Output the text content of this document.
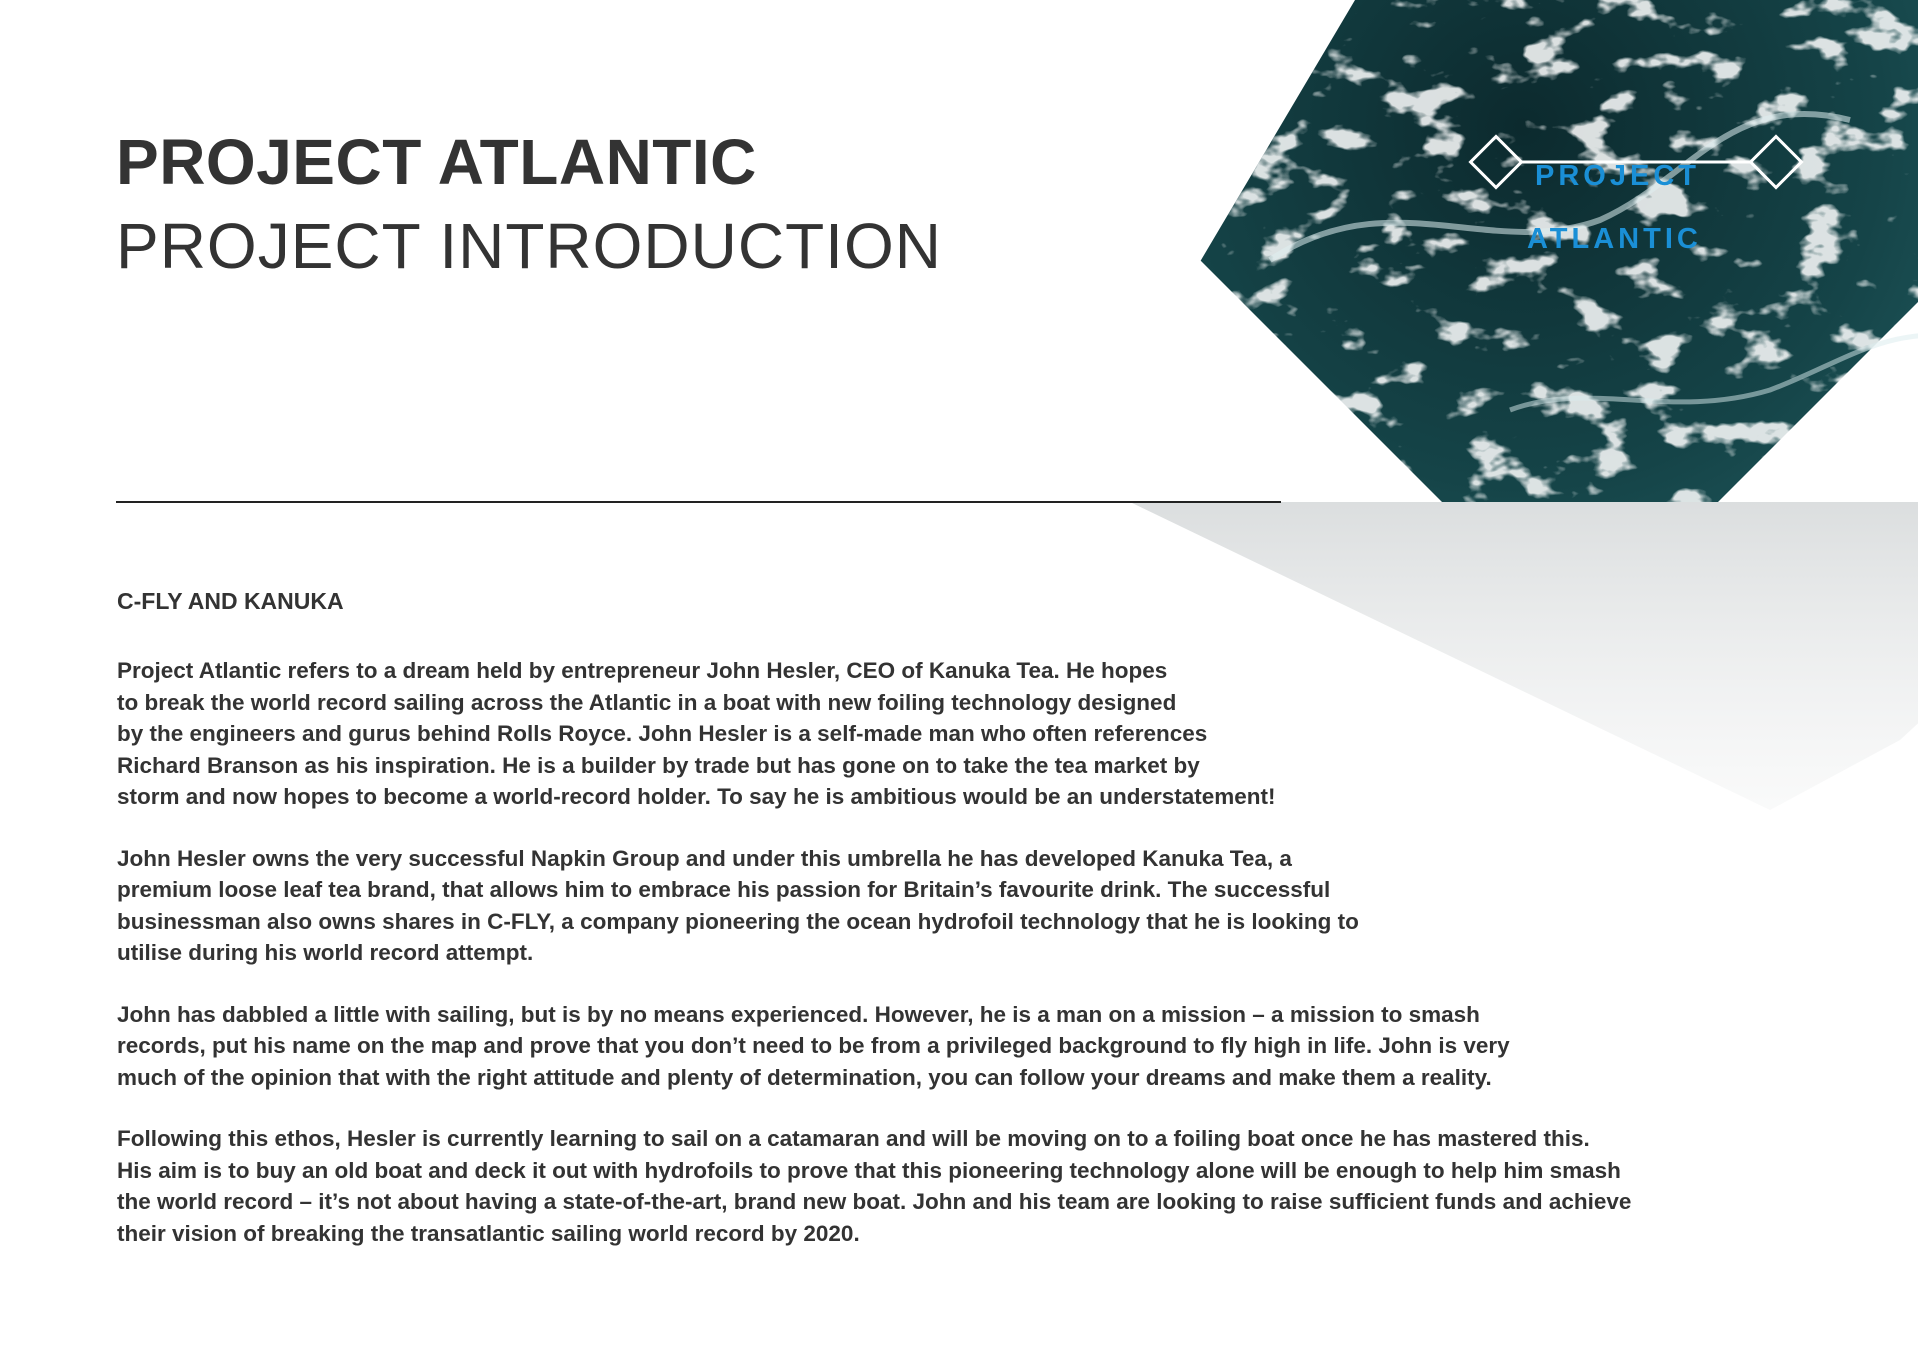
PROJECT
ATLANTIC
PROJECT ATLANTIC
PROJECT INTRODUCTION
C-FLY AND KANUKA

Project Atlantic refers to a dream held by entrepreneur John Hesler, CEO of Kanuka Tea. He hopes
to break the world record sailing across the Atlantic in a boat with new foiling technology designed
by the engineers and gurus behind Rolls Royce. John Hesler is a self-made man who often references
Richard Branson as his inspiration. He is a builder by trade but has gone on to take the tea market by
storm and now hopes to become a world-record holder. To say he is ambitious would be an understatement!

John Hesler owns the very successful Napkin Group and under this umbrella he has developed Kanuka Tea, a
premium loose leaf tea brand, that allows him to embrace his passion for Britain’s favourite drink. The successful
businessman also owns shares in C-FLY, a company pioneering the ocean hydrofoil technology that he is looking to
utilise during his world record attempt.

John has dabbled a little with sailing, but is by no means experienced. However, he is a man on a mission – a mission to smash
records, put his name on the map and prove that you don’t need to be from a privileged background to fly high in life. John is very
much of the opinion that with the right attitude and plenty of determination, you can follow your dreams and make them a reality.

Following this ethos, Hesler is currently learning to sail on a catamaran and will be moving on to a foiling boat once he has mastered this.
His aim is to buy an old boat and deck it out with hydrofoils to prove that this pioneering technology alone will be enough to help him smash
the world record – it’s not about having a state-of-the-art, brand new boat. John and his team are looking to raise sufficient funds and achieve
their vision of breaking the transatlantic sailing world record by 2020.
